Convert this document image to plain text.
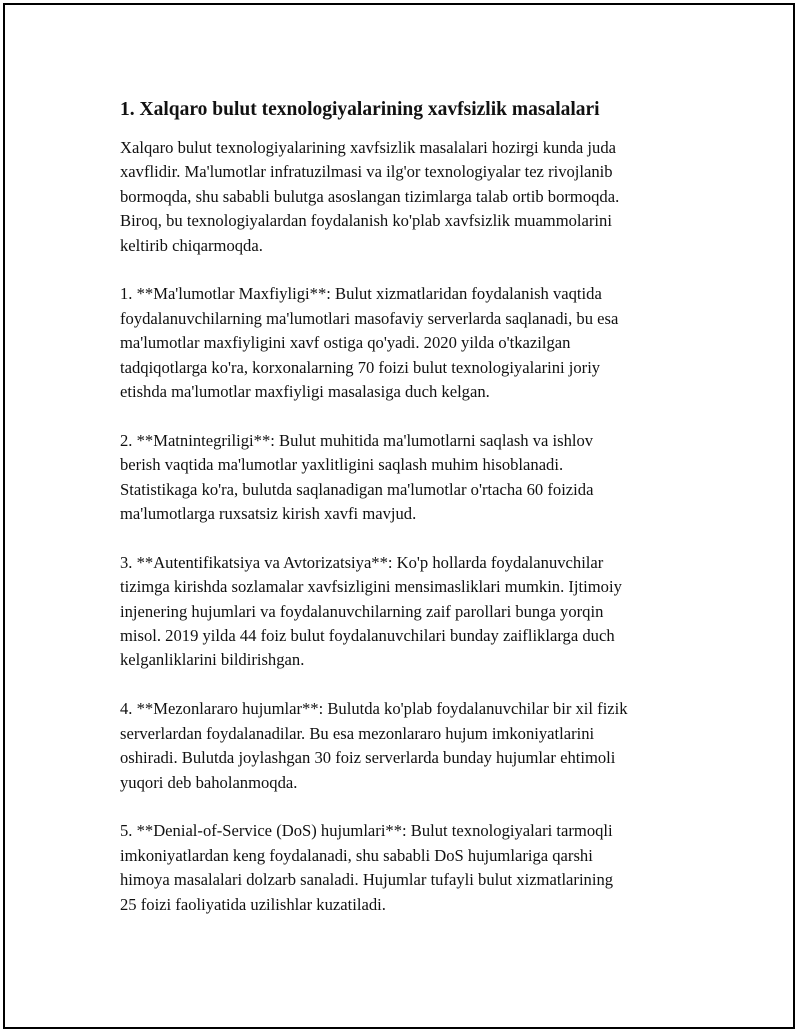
1. Xalqaro bulut texnologiyalarining xavfsizlik masalalari

Xalqaro bulut texnologiyalarining xavfsizlik masalalari hozirgi kunda juda
xavflidir. Ma'lumotlar infratuzilmasi va ilg'or texnologiyalar tez rivojlanib
bormoqda, shu sababli bulutga asoslangan tizimlarga talab ortib bormoqda.
Biroq, bu texnologiyalardan foydalanish ko'plab xavfsizlik muammolarini
keltirib chiqarmoqda.

1. **Ma'lumotlar Maxfiyligi**: Bulut xizmatlaridan foydalanish vaqtida
foydalanuvchilarning ma'lumotlari masofaviy serverlarda saqlanadi, bu esa
ma'lumotlar maxfiyligini xavf ostiga qo'yadi. 2020 yilda o'tkazilgan
tadqiqotlarga ko'ra, korxonalarning 70 foizi bulut texnologiyalarini joriy
etishda ma'lumotlar maxfiyligi masalasiga duch kelgan.

2. **Matnintegriligi**: Bulut muhitida ma'lumotlarni saqlash va ishlov
berish vaqtida ma'lumotlar yaxlitligini saqlash muhim hisoblanadi.
Statistikaga ko'ra, bulutda saqlanadigan ma'lumotlar o'rtacha 60 foizida
ma'lumotlarga ruxsatsiz kirish xavfi mavjud.

3. **Autentifikatsiya va Avtorizatsiya**: Ko'p hollarda foydalanuvchilar
tizimga kirishda sozlamalar xavfsizligini mensimasliklari mumkin. Ijtimoiy
injenering hujumlari va foydalanuvchilarning zaif parollari bunga yorqin
misol. 2019 yilda 44 foiz bulut foydalanuvchilari bunday zaifliklarga duch
kelganliklarini bildirishgan.

4. **Mezonlararo hujumlar**: Bulutda ko'plab foydalanuvchilar bir xil fizik
serverlardan foydalanadilar. Bu esa mezonlararo hujum imkoniyatlarini
oshiradi. Bulutda joylashgan 30 foiz serverlarda bunday hujumlar ehtimoli
yuqori deb baholanmoqda.

5. **Denial-of-Service (DoS) hujumlari**: Bulut texnologiyalari tarmoqli
imkoniyatlardan keng foydalanadi, shu sababli DoS hujumlariga qarshi
himoya masalalari dolzarb sanaladi. Hujumlar tufayli bulut xizmatlarining
25 foizi faoliyatida uzilishlar kuzatiladi.
